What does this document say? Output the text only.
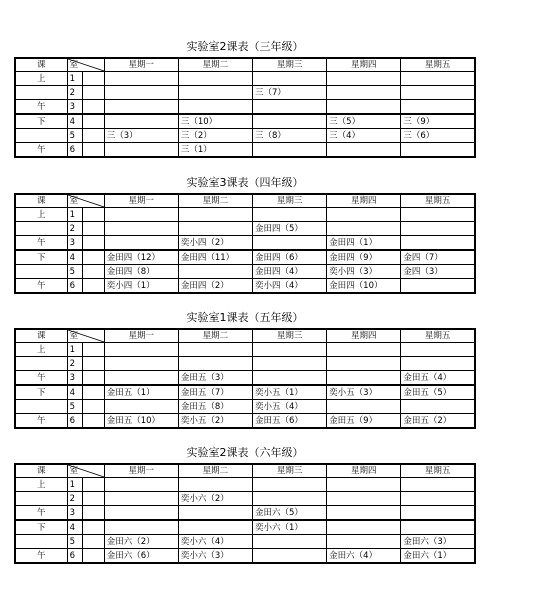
实验室2课表（三年级）
课	室		星期一	星期二	星期三	星期四	星期五
上	1						
	2				三（7）		
午	3						
下	4			三（10）		三（5）	三（9）
	5		三（3）	三（2）	三（8）	三（4）	三（6）
午	6			三（1）			
实验室3课表（四年级）
课	室		星期一	星期二	星期三	星期四	星期五
上	1						
	2				金田四（5）		
午	3			奕小四（2）		金田四（1）	
下	4		金田四（12）	金田四（11）	金田四（6）	金田四（9）	金四（7）
	5		金田四（8）		金田四（4）	奕小四（3）	金四（3）
午	6		奕小四（1）	金田四（2）	奕小四（4）	金田四（10）	
实验室1课表（五年级）
课	室		星期一	星期二	星期三	星期四	星期五
上	1						
	2						
午	3			金田五（3）			金田五（4）
下	4		金田五（1）	金田五（7）	奕小五（1）	奕小五（3）	金田五（5）
	5			金田五（8）	奕小五（4）		
午	6		金田五（10）	奕小五（2）	金田五（6）	金田五（9）	金田五（2）
实验室2课表（六年级）
课	室		星期一	星期二	星期三	星期四	星期五
上	1						
	2			奕小六（2）			
午	3				金田六（5）		
下	4				奕小六（1）		
	5		金田六（2）	奕小六（4）			金田六（3）
午	6		金田六（6）	奕小六（3）		金田六（4）	金田六（1）
